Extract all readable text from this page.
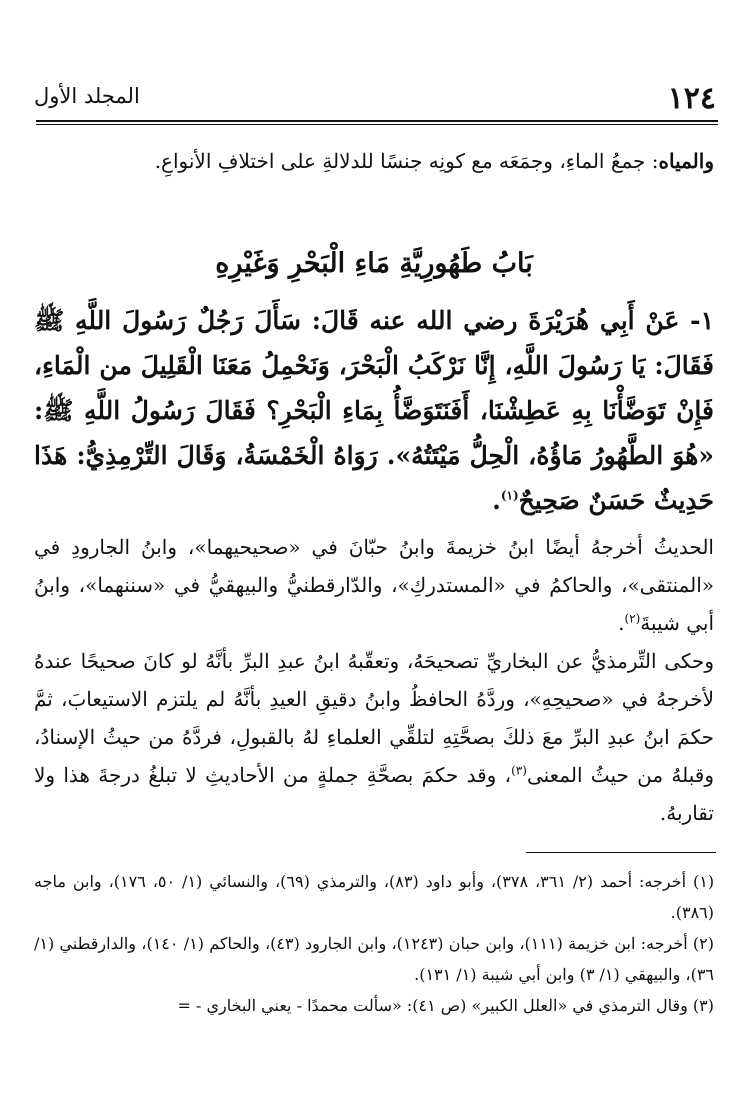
١٢٤
المجلد الأول

والمياه: جمعُ الماءِ، وجمَعَه مع كونِه جنسًا للدلالةِ على اختلافِ الأنواعِ.

بَابُ طَهُورِيَّةِ مَاءِ الْبَحْرِ وَغَيْرِهِ

١- عَنْ أَبِي هُرَيْرَةَ رضي الله عنه قَالَ: سَأَلَ رَجُلٌ رَسُولَ اللَّهِ ﷺ فَقَالَ: يَا رَسُولَ اللَّهِ، إِنَّا نَرْكَبُ الْبَحْرَ، وَنَحْمِلُ مَعَنَا الْقَلِيلَ من الْمَاءِ، فَإِنْ تَوَضَّأْنَا بِهِ عَطِشْنَا، أَفَنَتَوَضَّأُ بِمَاءِ الْبَحْرِ؟ فَقَالَ رَسُولُ اللَّهِ ﷺ: «هُوَ الطَّهُورُ مَاؤُهُ، الْحِلُّ مَيْتَتُهُ». رَوَاهُ الْخَمْسَةُ، وَقَالَ التِّرْمِذِيُّ: هَذَا حَدِيثٌ حَسَنٌ صَحِيحٌ$^{(١)}$.

الحديثُ أخرجهُ أيضًا ابنُ خزيمةَ وابنُ حبّانَ في «صحيحيهما»، وابنُ الجارودِ في «المنتقى»، والحاكمُ في «المستدركِ»، والدّارقطنيُّ والبيهقيُّ في «سننهما»، وابنُ أبي شيبةَ$^{(٢)}$.

وحكى التِّرمذيُّ عن البخاريِّ تصحيحَهُ، وتعقّبهُ ابنُ عبدِ البرِّ بأنَّهُ لو كانَ صحيحًا عندهُ لأخرجهُ في «صحيحِهِ»، وردَّهُ الحافظُ وابنُ دقيقِ العيدِ بأنَّهُ لم يلتزم الاستيعابَ، ثمَّ حكمَ ابنُ عبدِ البرِّ معَ ذلكَ بصحَّتِهِ لتلقِّي العلماءِ لهُ بالقبولِ، فردَّهُ من حيثُ الإسنادُ، وقبلهُ من حيثُ المعنى$^{(٣)}$، وقد حكمَ بصحَّةِ جملةٍ من الأحاديثِ لا تبلغُ درجةَ هذا ولا تقاربهُ.

(١) أخرجه: أحمد (٢/ ٣٦١، ٣٧٨)، وأبو داود (٨٣)، والترمذي (٦٩)، والنسائي (١/ ٥٠، ١٧٦)، وابن ماجه (٣٨٦).

(٢) أخرجه: ابن خزيمة (١١١)، وابن حبان (١٢٤٣)، وابن الجارود (٤٣)، والحاكم (١/ ١٤٠)، والدارقطني (١/ ٣٦)، والبيهقي (١/ ٣) وابن أبي شيبة (١/ ١٣١).

(٣) وقال الترمذي في «العلل الكبير» (ص ٤١): «سألت محمدًا - يعني البخاري - =
